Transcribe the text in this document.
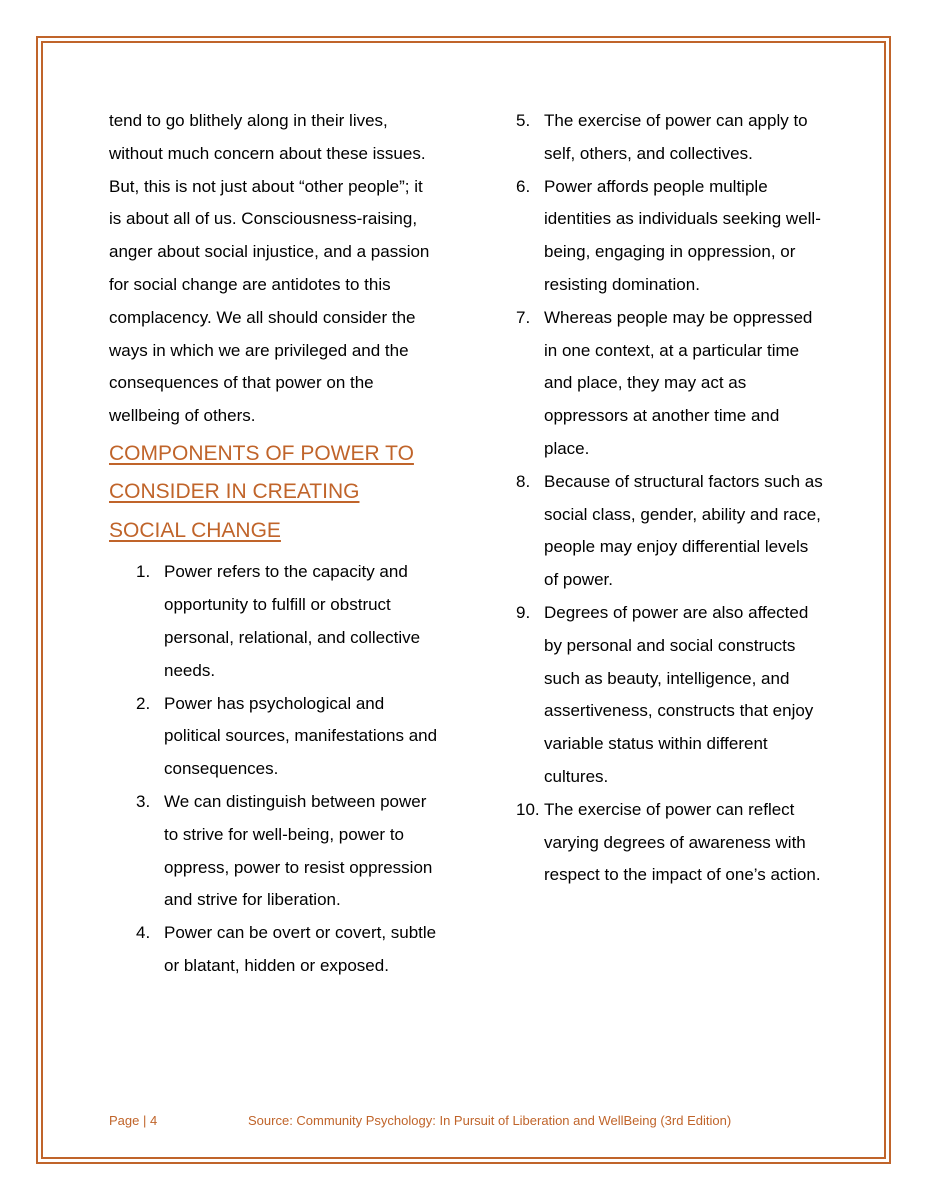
tend to go blithely along in their lives, without much concern about these issues. But, this is not just about “other people”; it is about all of us. Consciousness-raising, anger about social injustice, and a passion for social change are antidotes to this complacency. We all should consider the ways in which we are privileged and the consequences of that power on the wellbeing of others.

COMPONENTS OF POWER TO CONSIDER IN CREATING SOCIAL CHANGE
1. Power refers to the capacity and opportunity to fulfill or obstruct personal, relational, and collective needs.
2. Power has psychological and political sources, manifestations and consequences.
3. We can distinguish between power to strive for well-being, power to oppress, power to resist oppression and strive for liberation.
4. Power can be overt or covert, subtle or blatant, hidden or exposed.
5. The exercise of power can apply to self, others, and collectives.
6. Power affords people multiple identities as individuals seeking well-being, engaging in oppression, or resisting domination.
7. Whereas people may be oppressed in one context, at a particular time and place, they may act as oppressors at another time and place.
8. Because of structural factors such as social class, gender, ability and race, people may enjoy differential levels of power.
9. Degrees of power are also affected by personal and social constructs such as beauty, intelligence, and assertiveness, constructs that enjoy variable status within different cultures.
10. The exercise of power can reflect varying degrees of awareness with respect to the impact of one’s action.
Page | 4	Source: Community Psychology: In Pursuit of Liberation and WellBeing (3rd Edition)
